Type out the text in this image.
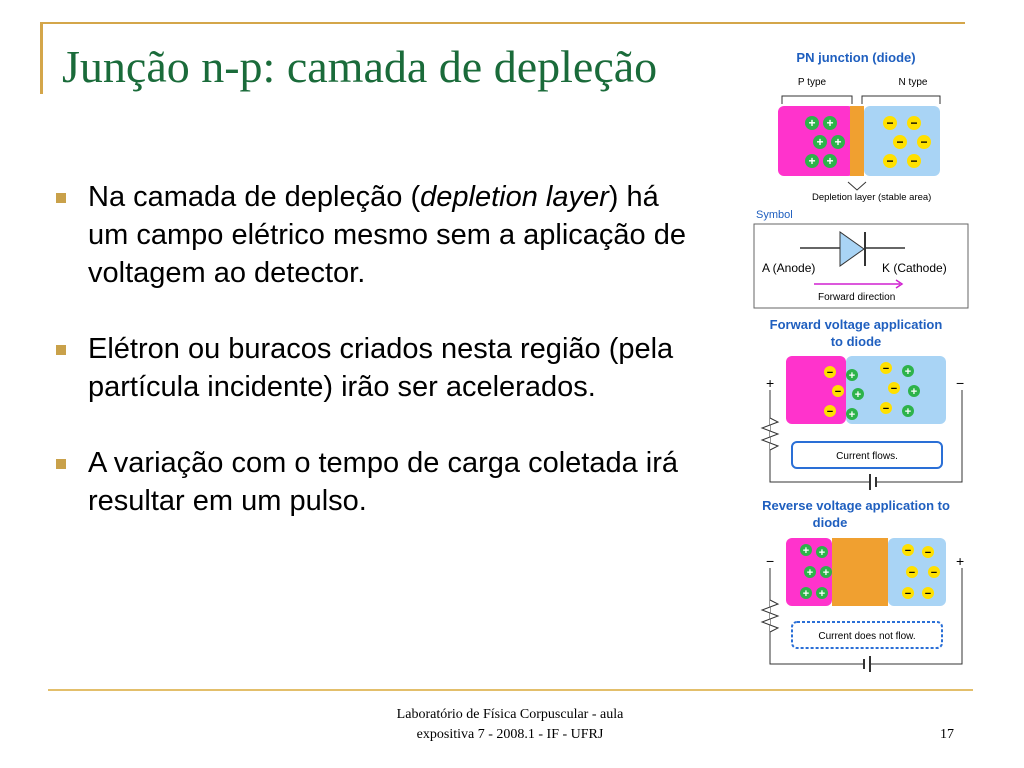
Junção n-p: camada de depleção
Na camada de depleção (depletion layer) há um campo elétrico mesmo sem a aplicação de voltagem ao detector.
Elétron ou buracos criados nesta região (pela partícula incidente) irão ser acelerados.
A variação com o tempo de carga coletada irá resultar em um pulso.
PN junction (diode)
P type	N type
+ +
+ +
+ +
− −
− −
− −
Depletion layer (stable area)
Symbol
A (Anode)	K (Cathode)
Forward direction
Forward voltage application
to diode
+	−
− +
− +
− +	− +
− +	− +
Current flows.
Reverse voltage application to
diode
−	+
+ +
+ +
+ +
− −
− −
− −
Current does not flow.
Laboratório de Física Corpuscular - aula
expositiva 7 - 2008.1 - IF - UFRJ	17
